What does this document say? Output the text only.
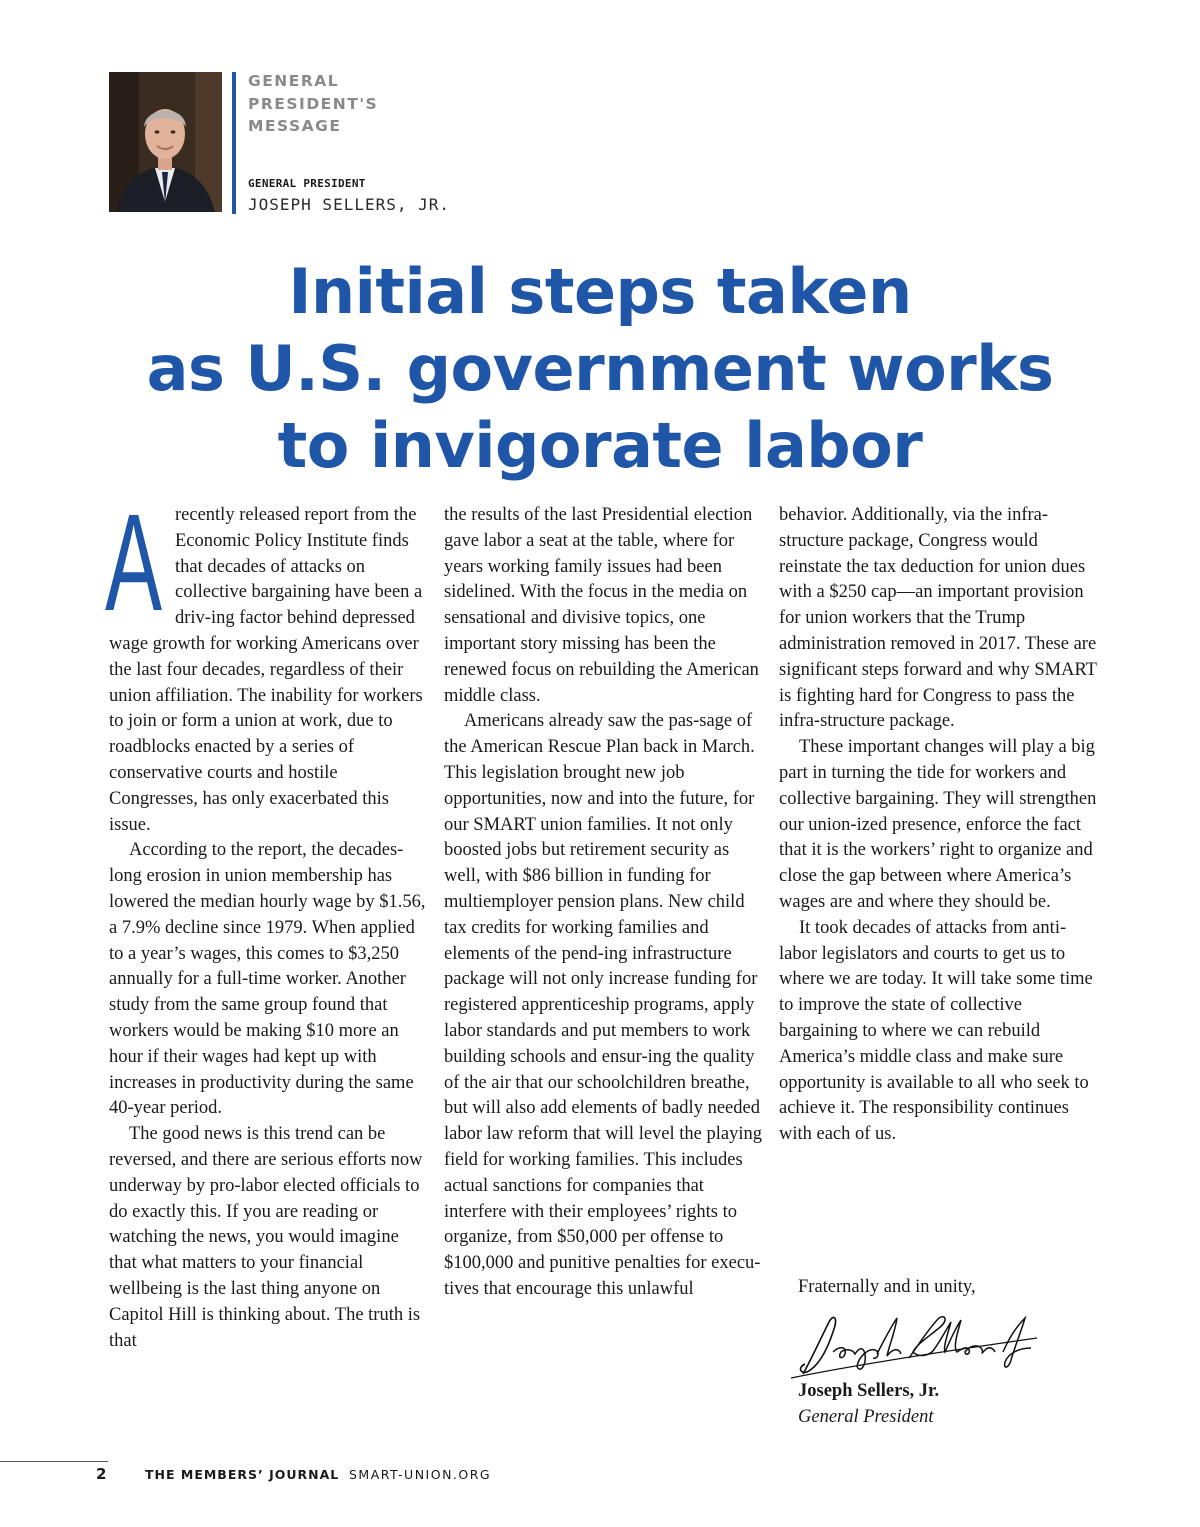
GENERAL
PRESIDENT'S
MESSAGE
GENERAL PRESIDENT
JOSEPH SELLERS, JR.
Initial steps taken
as U.S. government works
to invigorate labor
A recently released report from the Economic Policy Institute finds that decades of attacks on collective bargaining have been a driv-ing factor behind depressed wage growth for working Americans over the last four decades, regardless of their union affiliation. The inability for workers to join or form a union at work, due to roadblocks enacted by a series of conservative courts and hostile Congresses, has only exacerbated this issue.

According to the report, the decades-long erosion in union membership has lowered the median hourly wage by $1.56, a 7.9% decline since 1979. When applied to a year’s wages, this comes to $3,250 annually for a full-time worker. Another study from the same group found that workers would be making $10 more an hour if their wages had kept up with increases in productivity during the same 40-year period.

The good news is this trend can be reversed, and there are serious efforts now underway by pro-labor elected officials to do exactly this. If you are reading or watching the news, you would imagine that what matters to your financial wellbeing is the last thing anyone on Capitol Hill is thinking about. The truth is that

the results of the last Presidential election gave labor a seat at the table, where for years working family issues had been sidelined. With the focus in the media on sensational and divisive topics, one important story missing has been the renewed focus on rebuilding the American middle class.

Americans already saw the pas-sage of the American Rescue Plan back in March. This legislation brought new job opportunities, now and into the future, for our SMART union families. It not only boosted jobs but retirement security as well, with $86 billion in funding for multiemployer pension plans. New child tax credits for working families and elements of the pend-ing infrastructure package will not only increase funding for registered apprenticeship programs, apply labor standards and put members to work building schools and ensur-ing the quality of the air that our schoolchildren breathe, but will also add elements of badly needed labor law reform that will level the playing field for working families. This includes actual sanctions for companies that interfere with their employees’ rights to organize, from $50,000 per offense to $100,000 and punitive penalties for execu-tives that encourage this unlawful

behavior. Additionally, via the infra-structure package, Congress would reinstate the tax deduction for union dues with a $250 cap—an important provision for union workers that the Trump administration removed in 2017. These are significant steps forward and why SMART is fighting hard for Congress to pass the infra-structure package.

These important changes will play a big part in turning the tide for workers and collective bargaining. They will strengthen our union-ized presence, enforce the fact that it is the workers’ right to organize and close the gap between where America’s wages are and where they should be.

It took decades of attacks from anti-labor legislators and courts to get us to where we are today. It will take some time to improve the state of collective bargaining to where we can rebuild America’s middle class and make sure opportunity is available to all who seek to achieve it. The responsibility continues with each of us.

Fraternally and in unity,
Joseph Sellers, Jr.
General President
2	THE MEMBERS’ JOURNAL SMART-UNION.ORG
